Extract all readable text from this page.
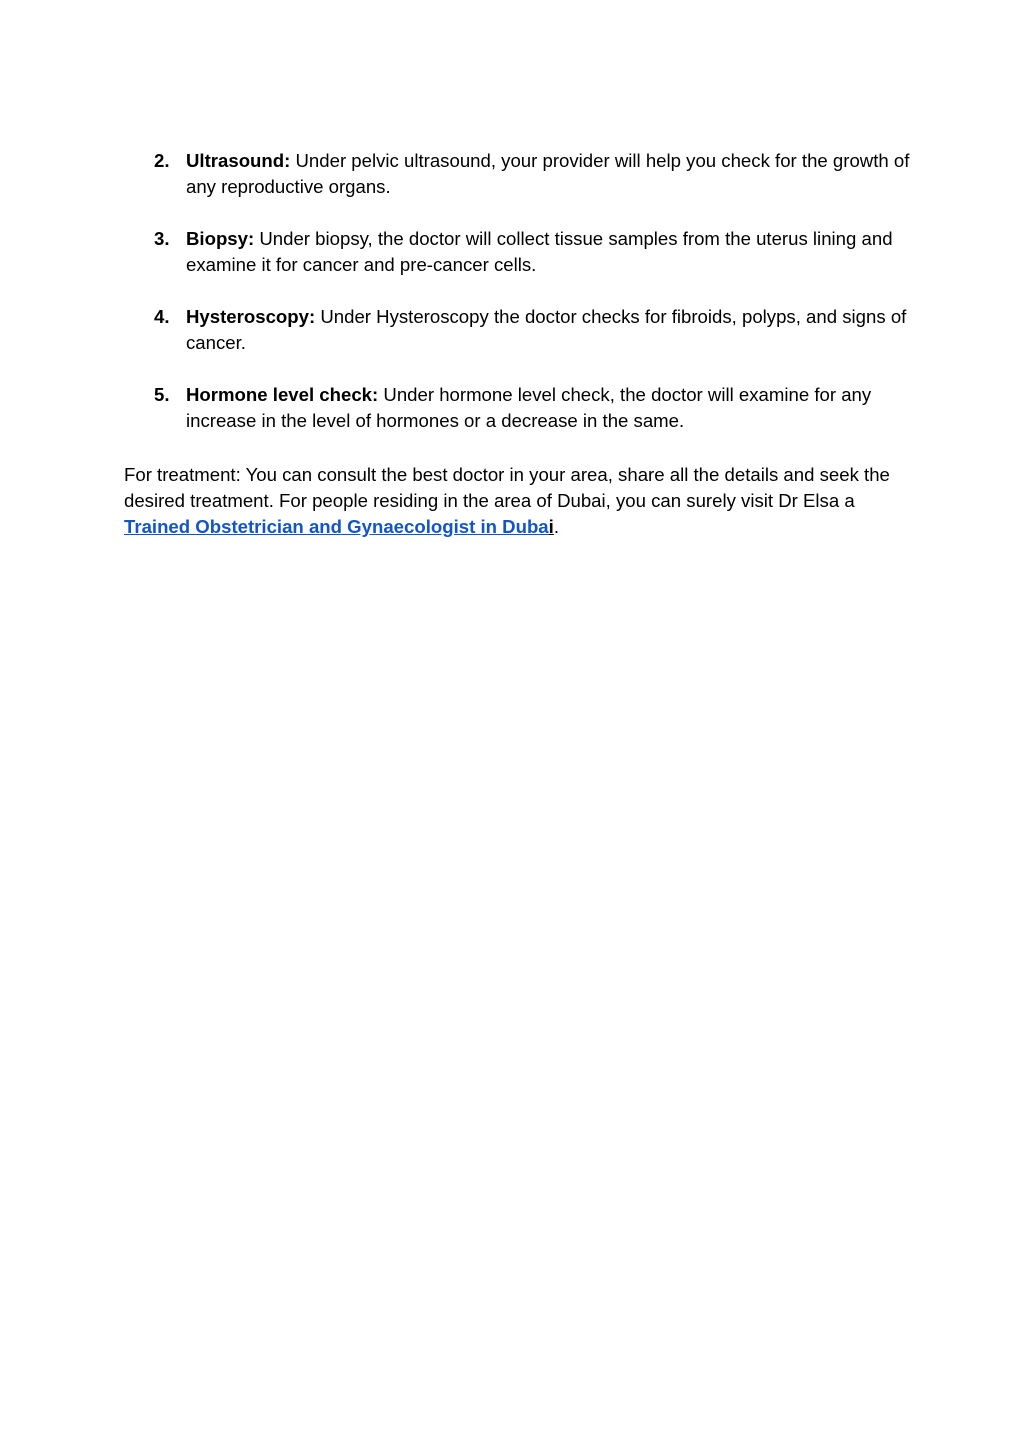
2. Ultrasound: Under pelvic ultrasound, your provider will help you check for the growth of any reproductive organs.
3. Biopsy: Under biopsy, the doctor will collect tissue samples from the uterus lining and examine it for cancer and pre-cancer cells.
4. Hysteroscopy: Under Hysteroscopy the doctor checks for fibroids, polyps, and signs of cancer.
5. Hormone level check: Under hormone level check, the doctor will examine for any increase in the level of hormones or a decrease in the same.

For treatment: You can consult the best doctor in your area, share all the details and seek the desired treatment. For people residing in the area of Dubai, you can surely visit Dr Elsa a Trained Obstetrician and Gynaecologist in Dubai.
